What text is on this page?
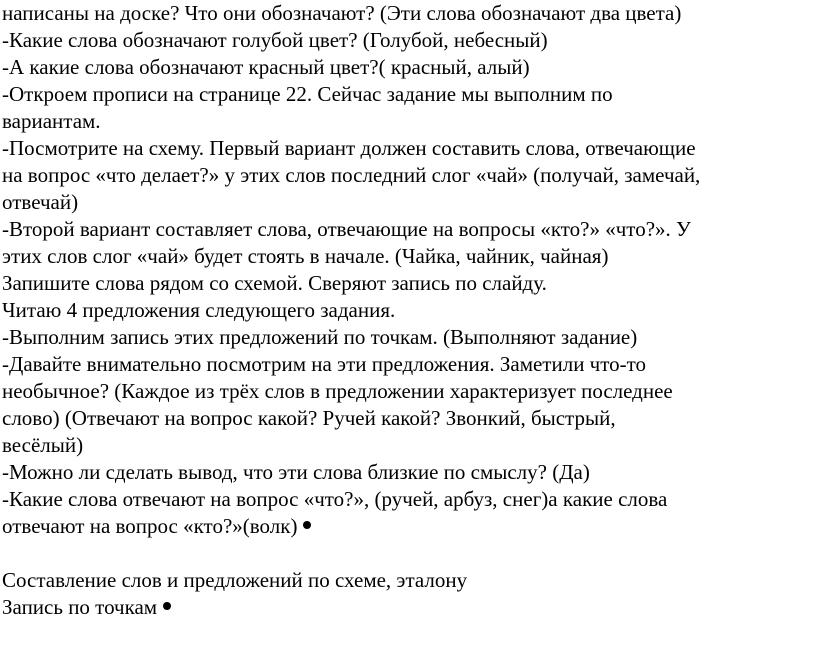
написаны на доске? Что они обозначают? (Эти слова обозначают два цвета)
-Какие слова обозначают голубой цвет? (Голубой, небесный)
-А какие слова обозначают красный цвет?( красный, алый)
-Откроем прописи на странице 22. Сейчас задание мы выполним по
вариантам.
-Посмотрите на схему. Первый вариант должен составить слова, отвечающие
на вопрос «что делает?» у этих слов последний слог «чай» (получай, замечай,
отвечай)
-Второй вариант составляет слова, отвечающие на вопросы «кто?» «что?». У
этих слов слог «чай» будет стоять в начале. (Чайка, чайник, чайная)
Запишите слова рядом со схемой. Сверяют запись по слайду.
Читаю 4 предложения следующего задания.
-Выполним запись этих предложений по точкам. (Выполняют задание)
-Давайте внимательно посмотрим на эти предложения. Заметили что-то
необычное? (Каждое из трёх слов в предложении характеризует последнее
слово) (Отвечают на вопрос какой? Ручей какой? Звонкий, быстрый,
весёлый)
-Можно ли сделать вывод, что эти слова близкие по смыслу? (Да)
-Какие слова отвечают на вопрос «что?», (ручей, арбуз, снег)а какие слова
отвечают на вопрос «кто?»(волк)
Составление слов и предложений по схеме, эталону
Запись по точкам
